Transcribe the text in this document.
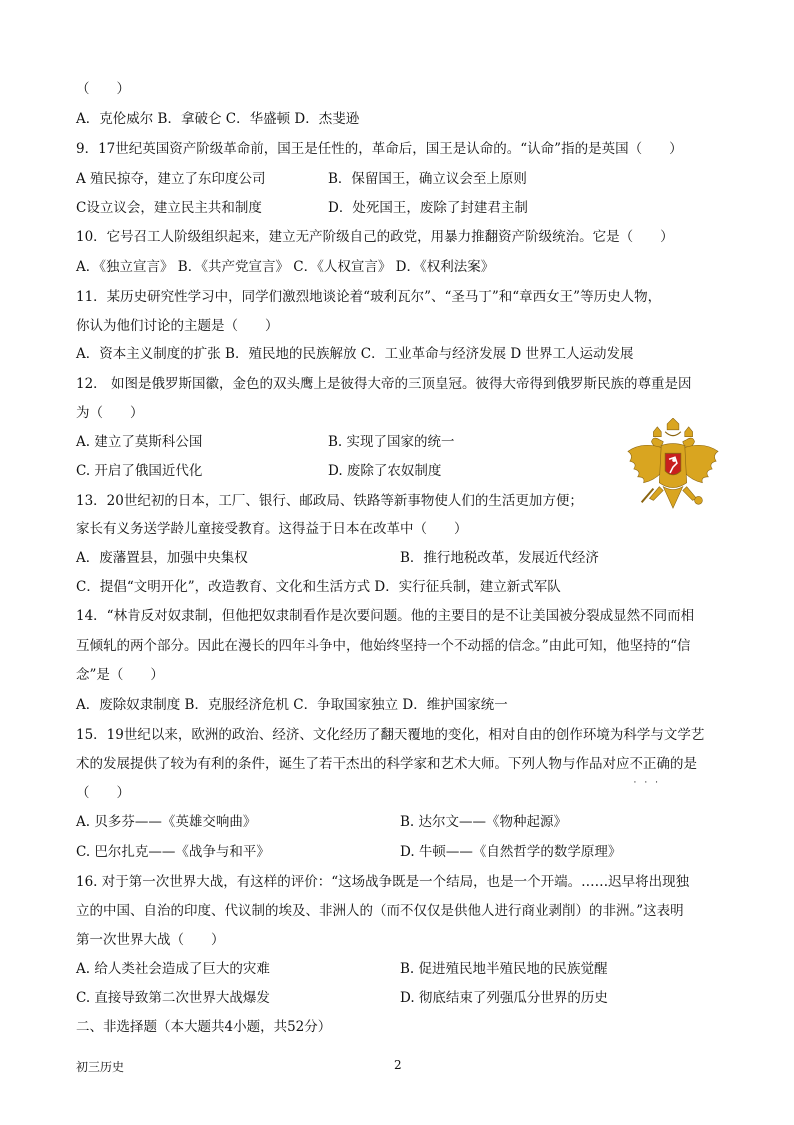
（　　）
A．克伦威尔 B．拿破仑 C．华盛顿 D．杰斐逊
9．17世纪英国资产阶级革命前，国王是任性的，革命后，国王是认命的。“认命”指的是英国（　　）
A 殖民掠夺，建立了东印度公司	B．保留国王，确立议会至上原则
C设立议会，建立民主共和制度	D．处死国王，废除了封建君主制
10．它号召工人阶级组织起来，建立无产阶级自己的政党，用暴力推翻资产阶级统治。它是（　　）
A．《独立宣言》 B．《共产党宣言》 C．《人权宣言》 D．《权利法案》
11．某历史研究性学习中，同学们激烈地谈论着“玻利瓦尔”、“圣马丁”和“章西女王”等历史人物，
你认为他们讨论的主题是（　　）
A．资本主义制度的扩张 B．殖民地的民族解放 C．工业革命与经济发展 D 世界工人运动发展
12． 如图是俄罗斯国徽，金色的双头鹰上是彼得大帝的三顶皇冠。彼得大帝得到俄罗斯民族的尊重是因
为（　　）
A. 建立了莫斯科公国	B. 实现了国家的统一
C. 开启了俄国近代化	D. 废除了农奴制度
13．20世纪初的日本，工厂、银行、邮政局、铁路等新事物使人们的生活更加方便；
家长有义务送学龄儿童接受教育。这得益于日本在改革中（　　）
A．废藩置县，加强中央集权	B．推行地税改革，发展近代经济
C．提倡“文明开化”，改造教育、文化和生活方式 D．实行征兵制，建立新式军队
14．“林肯反对奴隶制，但他把奴隶制看作是次要问题。他的主要目的是不让美国被分裂成显然不同而相
互倾轧的两个部分。因此在漫长的四年斗争中，他始终坚持一个不动摇的信念。”由此可知，他坚持的“信
念”是（　　）
A．废除奴隶制度 B．克服经济危机 C．争取国家独立 D．维护国家统一
15．19世纪以来，欧洲的政治、经济、文化经历了翻天覆地的变化，相对自由的创作环境为科学与文学艺
术的发展提供了较为有利的条件，诞生了若干杰出的科学家和艺术大师。下列人物与作品对应不正确
···
的是
（　　）
A. 贝多芬——《英雄交响曲》	B. 达尔文——《物种起源》
C. 巴尔扎克——《战争与和平》	D. 牛顿——《自然哲学的数学原理》
16. 对于第一次世界大战，有这样的评价：“这场战争既是一个结局，也是一个开端。……迟早将出现独
立的中国、自治的印度、代议制的埃及、非洲人的（而不仅仅是供他人进行商业剥削）的非洲。”这表明
第一次世界大战（　　）
A. 给人类社会造成了巨大的灾难	B. 促进殖民地半殖民地的民族觉醒
C. 直接导致第二次世界大战爆发	D. 彻底结束了列强瓜分世界的历史
二、非选择题（本大题共4小题，共52分）
初三历史	2
